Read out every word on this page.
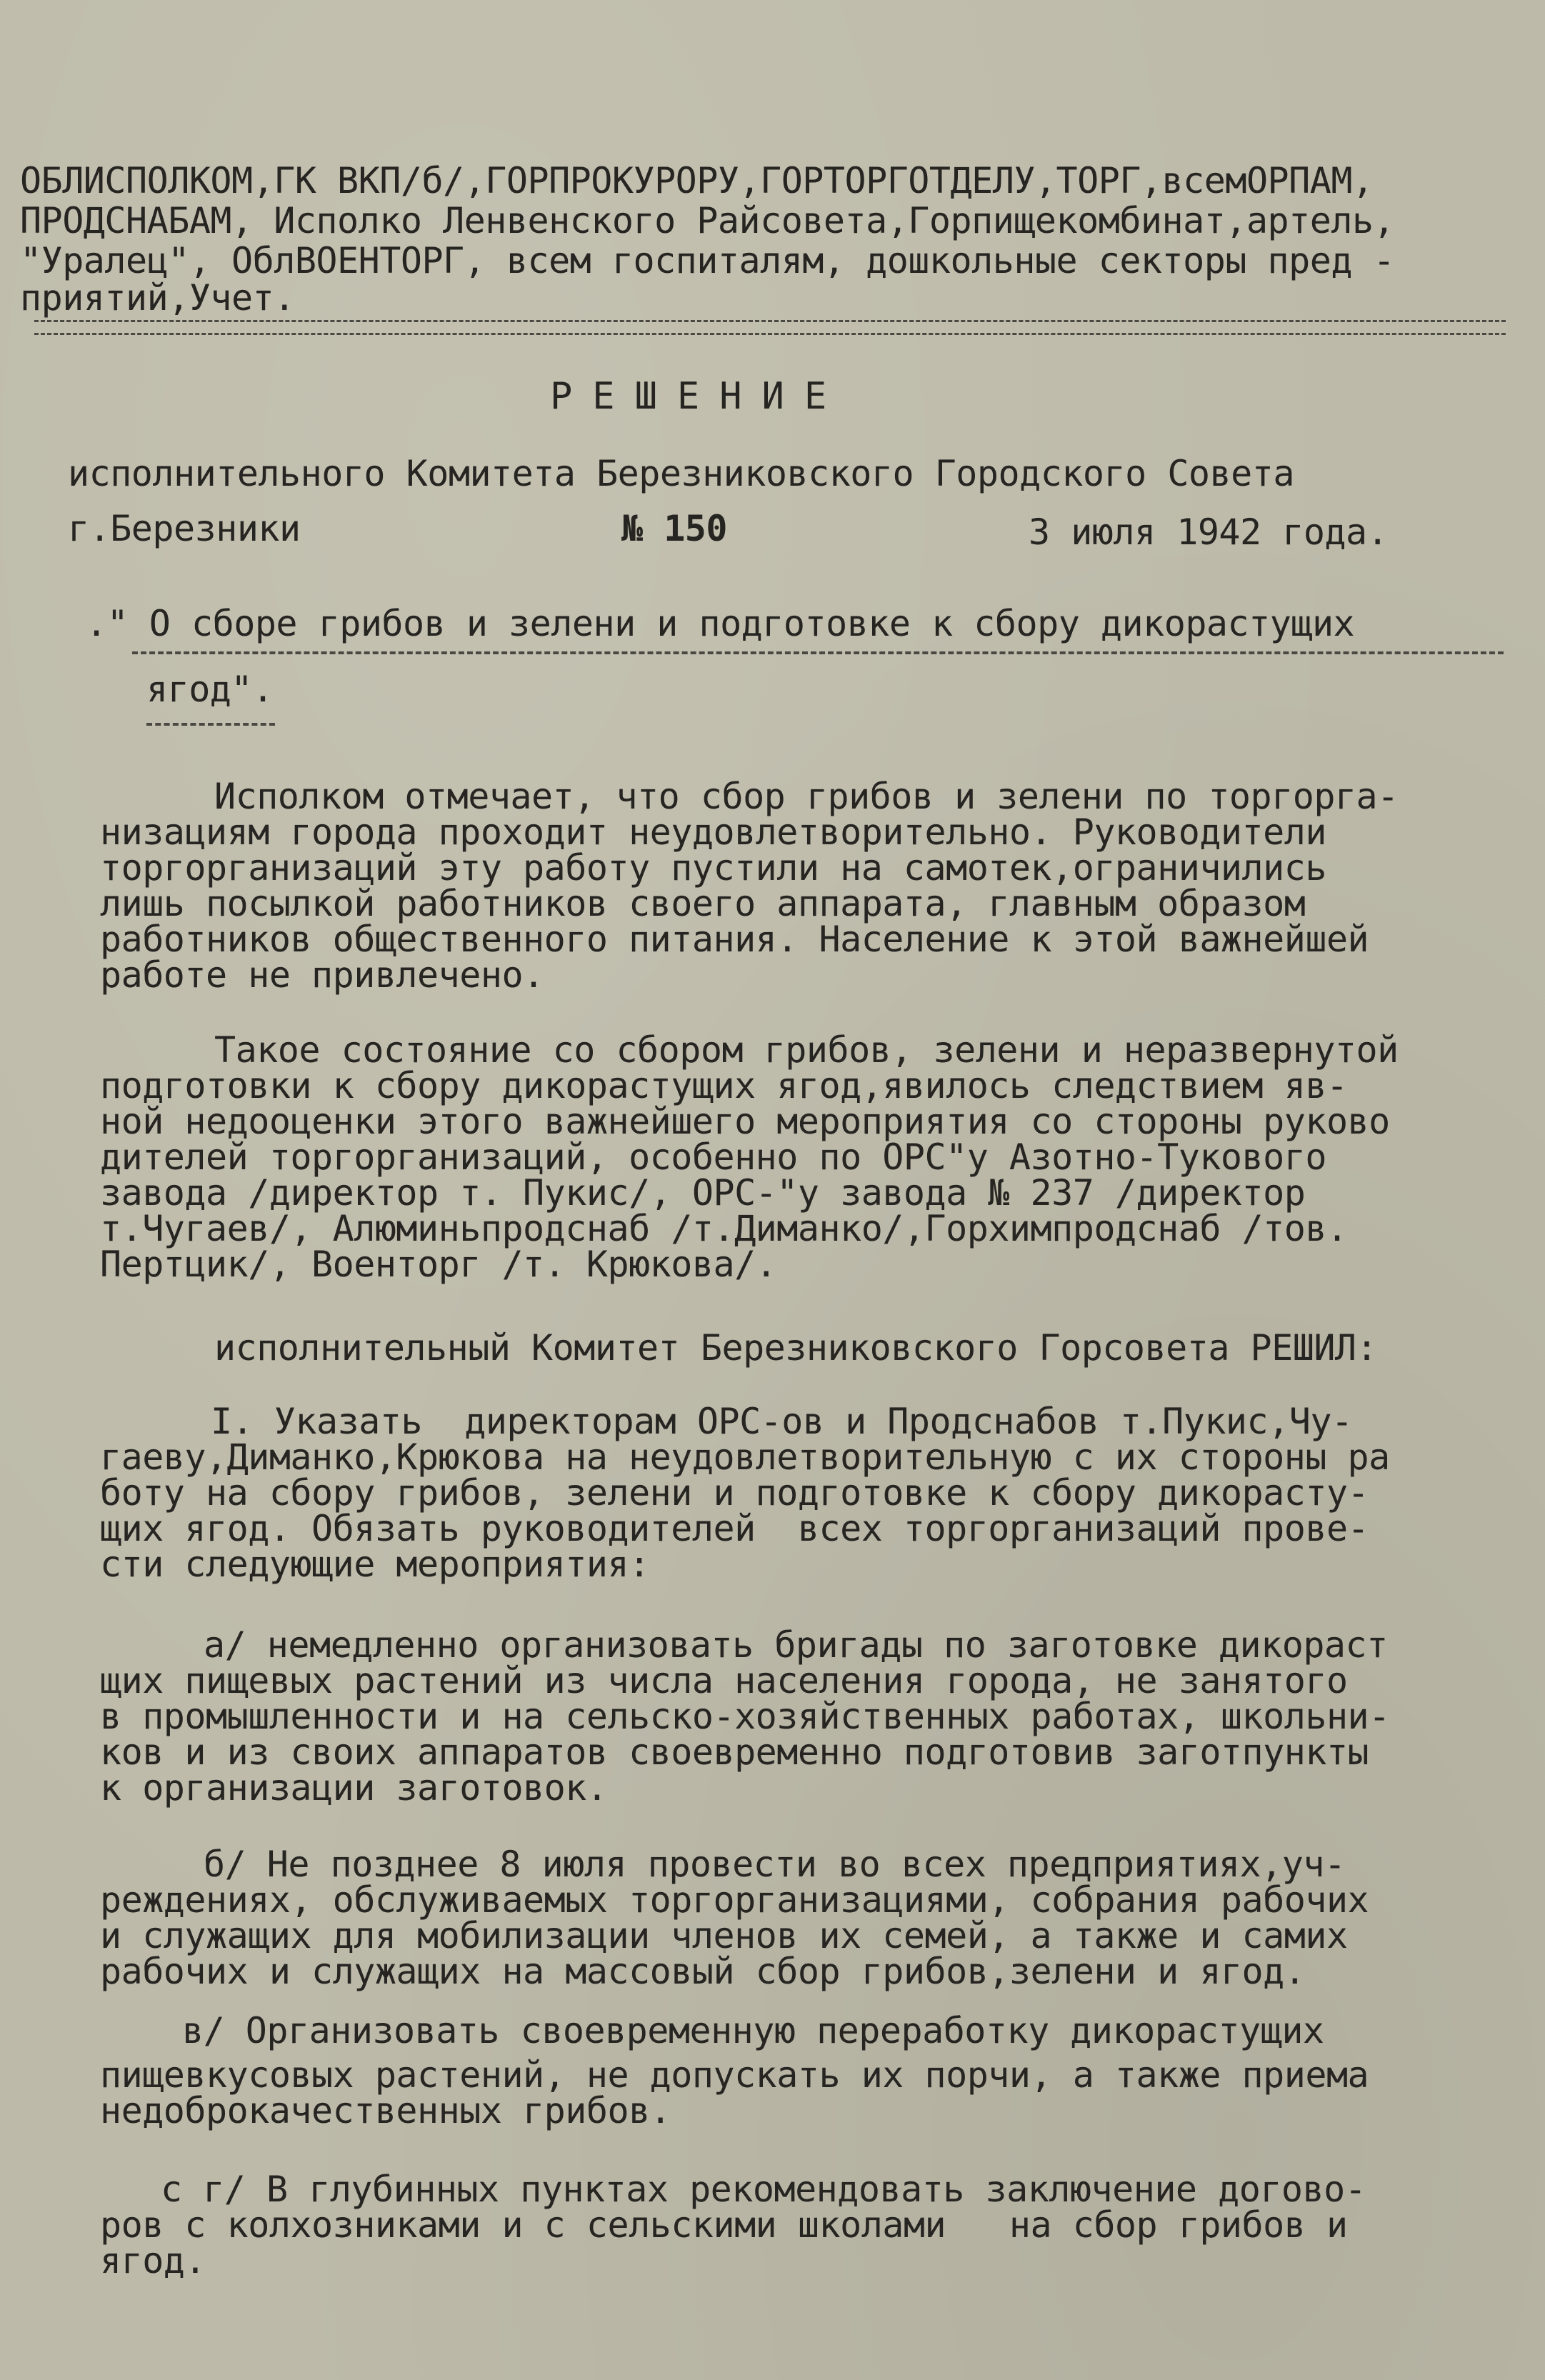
ОБЛИСПОЛКОМ,ГК ВКП/б/,ГОРПРОКУРОРУ,ГОРТОРГОТДЕЛУ,ТОРГ,всемОРПАМ,
ПРОДСНАБАМ, Исполко Ленвенского Райсовета,Горпищекомбинат,артель,
"Уралец", ОблВОЕНТОРГ, всем госпиталям, дошкольные секторы пред -
приятий,Учет.
РЕШЕНИЕ
исполнительного Комитета Березниковского Городского Совета
г.Березники	№ 150	3 июля 1942 года.
." О сборе грибов и зелени и подготовке к сбору дикорастущих
ягод".
Исполком отмечает, что сбор грибов и зелени по торгорга-
низациям города проходит неудовлетворительно. Руководители
торгорганизаций эту работу пустили на самотек,ограничились
лишь посылкой работников своего аппарата, главным образом
работников общественного питания. Население к этой важнейшей
работе не привлечено.
Такое состояние со сбором грибов, зелени и неразвернутой
подготовки к сбору дикорастущих ягод,явилось следствием яв-
ной недооценки этого важнейшего мероприятия со стороны руково
дителей торгорганизаций, особенно по ОРС"у Азотно-Тукового
завода /директор т. Пукис/, ОРС-"у завода № 237 /директор
т.Чугаев/, Алюминьпродснаб /т.Диманко/,Горхимпродснаб /тов.
Пертцик/, Военторг /т. Крюкова/.
исполнительный Комитет Березниковского Горсовета РЕШИЛ:
I. Указать  директорам ОРС-ов и Продснабов т.Пукис,Чу-
гаеву,Диманко,Крюкова на неудовлетворительную с их стороны ра
боту на сбору грибов, зелени и подготовке к сбору дикорасту-
щих ягод. Обязать руководителей  всех торгорганизаций прове-
сти следующие мероприятия:
а/ немедленно организовать бригады по заготовке дикораст
щих пищевых растений из числа населения города, не занятого
в промышленности и на сельско-хозяйственных работах, школьни-
ков и из своих аппаратов своевременно подготовив заготпункты
к организации заготовок.
б/ Не позднее 8 июля провести во всех предприятиях,уч-
реждениях, обслуживаемых торгорганизациями, собрания рабочих
и служащих для мобилизации членов их семей, а также и самих
рабочих и служащих на массовый сбор грибов,зелени и ягод.
в/ Организовать своевременную переработку дикорастущих
пищевкусовых растений, не допускать их порчи, а также приема
недоброкачественных грибов.
с г/ В глубинных пунктах рекомендовать заключение догово-
ров с колхозниками и с сельскими школами   на сбор грибов и
ягод.
